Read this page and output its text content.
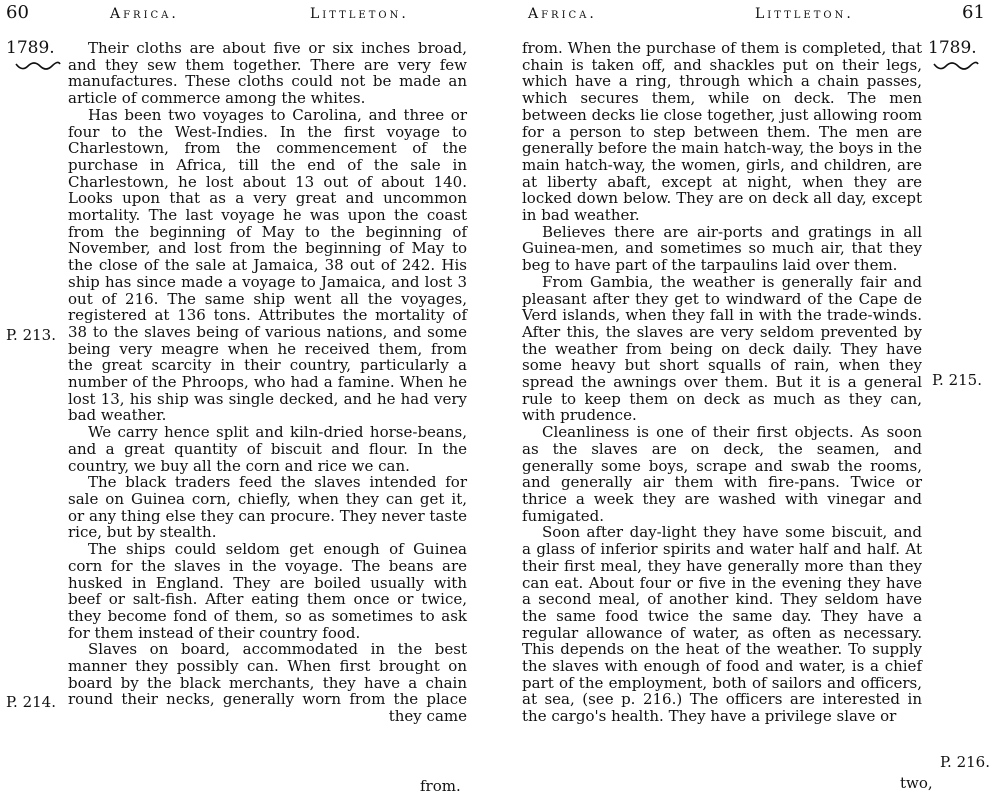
60	Africa.	Littleton.
1789.
P. 213.
P. 214.

Their cloths are about five or six inches broad, and they sew them together. There are very few manufactures. These cloths could not be made an article of commerce among the whites.

Has been two voyages to Carolina, and three or four to the West-Indies. In the first voyage to Charlestown, from the commencement of the purchase in Africa, till the end of the sale in Charlestown, he lost about 13 out of about 140. Looks upon that as a very great and uncommon mortality. The last voyage he was upon the coast from the beginning of May to the beginning of November, and lost from the beginning of May to the close of the sale at Jamaica, 38 out of 242. His ship has since made a voyage to Jamaica, and lost 3 out of 216. The same ship went all the voyages, registered at 136 tons. Attributes the mortality of 38 to the slaves being of various nations, and some being very meagre when he received them, from the great scarcity in their country, particularly a number of the Phroops, who had a famine. When he lost 13, his ship was single decked, and he had very bad weather.

We carry hence split and kiln-dried horse-beans, and a great quantity of biscuit and flour. In the country, we buy all the corn and rice we can.

The black traders feed the slaves intended for sale on Guinea corn, chiefly, when they can get it, or any thing else they can procure. They never taste rice, but by stealth.

The ships could seldom get enough of Guinea corn for the slaves in the voyage. The beans are husked in England. They are boiled usually with beef or salt-fish. After eating them once or twice, they become fond of them, so as sometimes to ask for them instead of their country food.

Slaves on board, accommodated in the best manner they possibly can. When first brought on board by the black merchants, they have a chain round their necks, generally worn from the place they came

from.
Africa.	Littleton.	61
1789.
P. 215.
P. 216.

from. When the purchase of them is completed, that chain is taken off, and shackles put on their legs, which have a ring, through which a chain passes, which secures them, while on deck. The men between decks lie close together, just allowing room for a person to step between them. The men are generally before the main hatch-way, the boys in the main hatch-way, the women, girls, and children, are at liberty abaft, except at night, when they are locked down below. They are on deck all day, except in bad weather.

Believes there are air-ports and gratings in all Guinea-men, and sometimes so much air, that they beg to have part of the tarpaulins laid over them.

From Gambia, the weather is generally fair and pleasant after they get to windward of the Cape de Verd islands, when they fall in with the trade-winds. After this, the slaves are very seldom prevented by the weather from being on deck daily. They have some heavy but short squalls of rain, when they spread the awnings over them. But it is a general rule to keep them on deck as much as they can, with prudence.

Cleanliness is one of their first objects. As soon as the slaves are on deck, the seamen, and generally some boys, scrape and swab the rooms, and generally air them with fire-pans. Twice or thrice a week they are washed with vinegar and fumigated.

Soon after day-light they have some biscuit, and a glass of inferior spirits and water half and half. At their first meal, they have generally more than they can eat. About four or five in the evening they have a second meal, of another kind. They seldom have the same food twice the same day. They have a regular allowance of water, as often as necessary. This depends on the heat of the weather. To supply the slaves with enough of food and water, is a chief part of the employment, both of sailors and officers, at sea, (see p. 216.) The officers are interested in the cargo's health. They have a privilege slave or

two,
